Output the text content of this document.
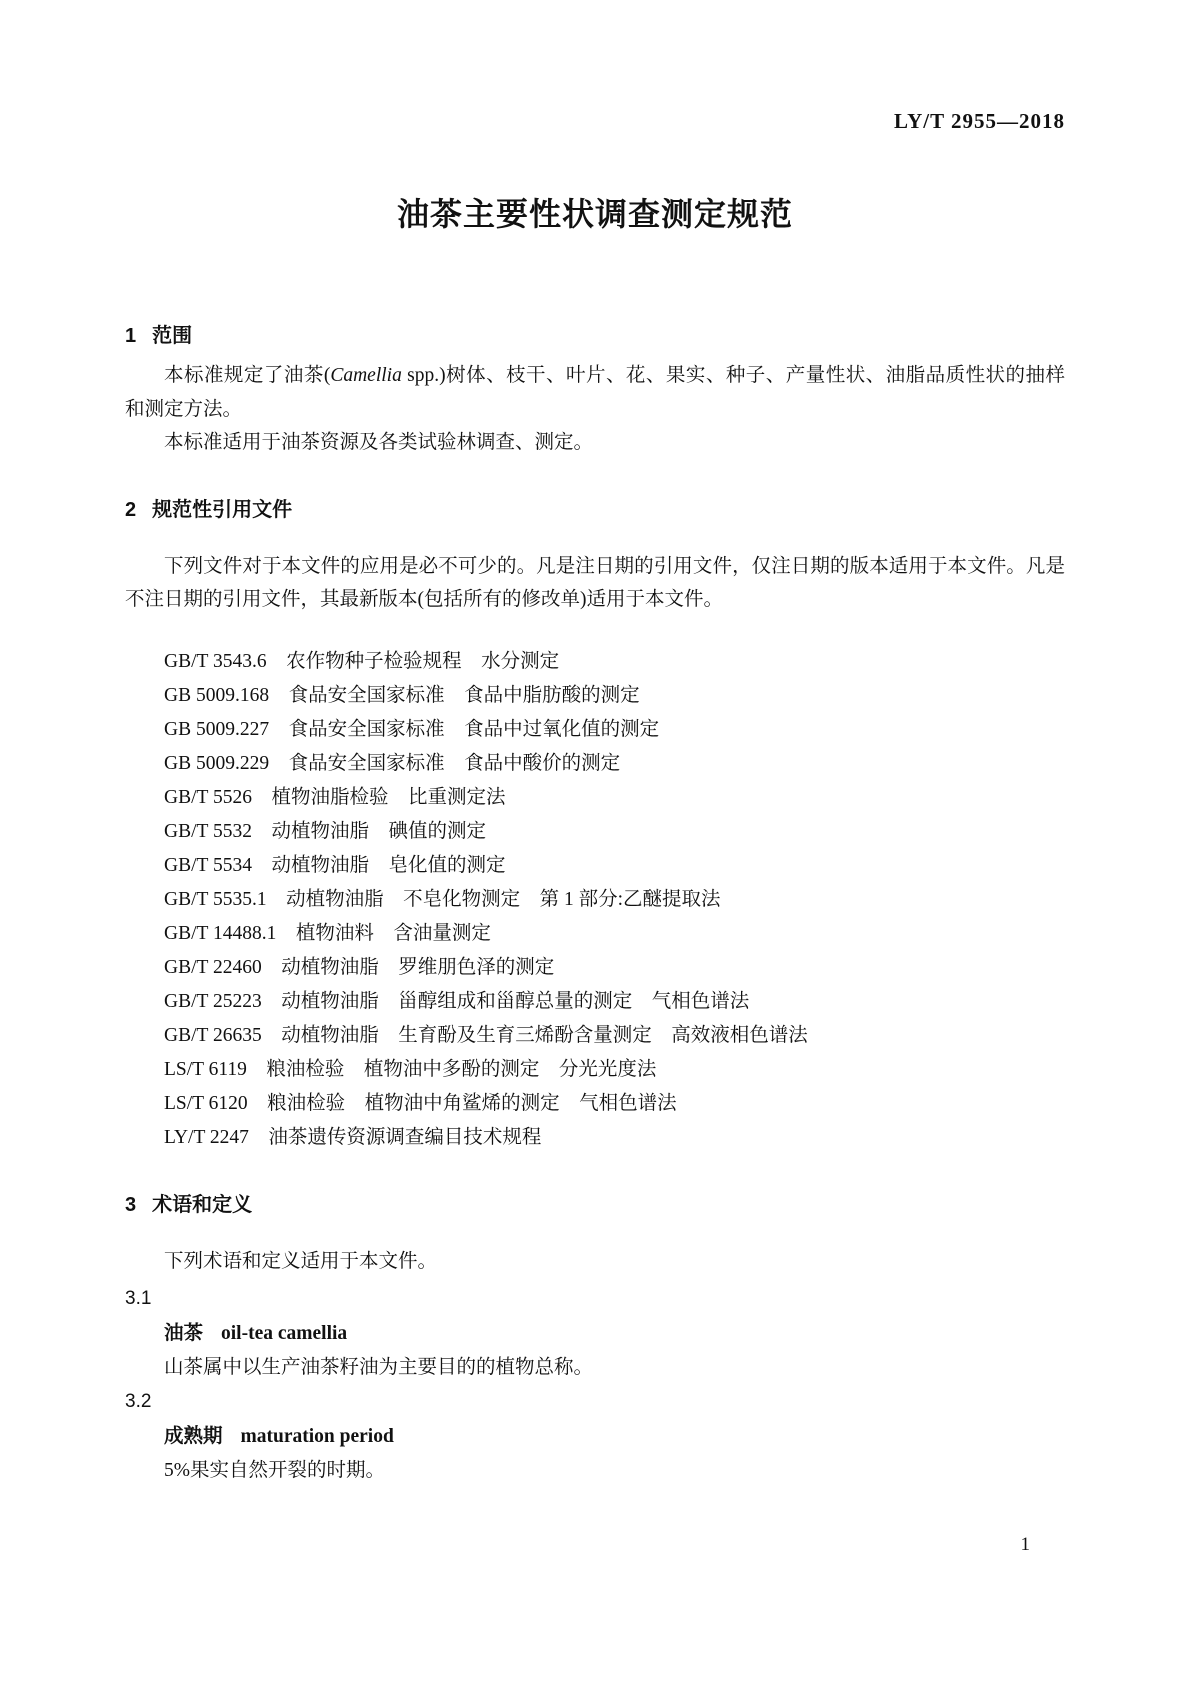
LY/T 2955—2018
油茶主要性状调查测定规范
1 范围

本标准规定了油茶(Camellia spp.)树体、枝干、叶片、花、果实、种子、产量性状、油脂品质性状的抽样和测定方法。

本标准适用于油茶资源及各类试验林调查、测定。

2 规范性引用文件

下列文件对于本文件的应用是必不可少的。凡是注日期的引用文件，仅注日期的版本适用于本文件。凡是不注日期的引用文件，其最新版本(包括所有的修改单)适用于本文件。

GB/T 3543.6　农作物种子检验规程　水分测定
GB 5009.168　食品安全国家标准　食品中脂肪酸的测定
GB 5009.227　食品安全国家标准　食品中过氧化值的测定
GB 5009.229　食品安全国家标准　食品中酸价的测定
GB/T 5526　植物油脂检验　比重测定法
GB/T 5532　动植物油脂　碘值的测定
GB/T 5534　动植物油脂　皂化值的测定
GB/T 5535.1　动植物油脂　不皂化物测定　第 1 部分:乙醚提取法
GB/T 14488.1　植物油料　含油量测定
GB/T 22460　动植物油脂　罗维朋色泽的测定
GB/T 25223　动植物油脂　甾醇组成和甾醇总量的测定　气相色谱法
GB/T 26635　动植物油脂　生育酚及生育三烯酚含量测定　高效液相色谱法
LS/T 6119　粮油检验　植物油中多酚的测定　分光光度法
LS/T 6120　粮油检验　植物油中角鲨烯的测定　气相色谱法
LY/T 2247　油茶遗传资源调查编目技术规程
3 术语和定义

下列术语和定义适用于本文件。

3.1
油茶 oil-tea camellia
山茶属中以生产油茶籽油为主要目的的植物总称。
3.2
成熟期 maturation period
5%果实自然开裂的时期。
1
